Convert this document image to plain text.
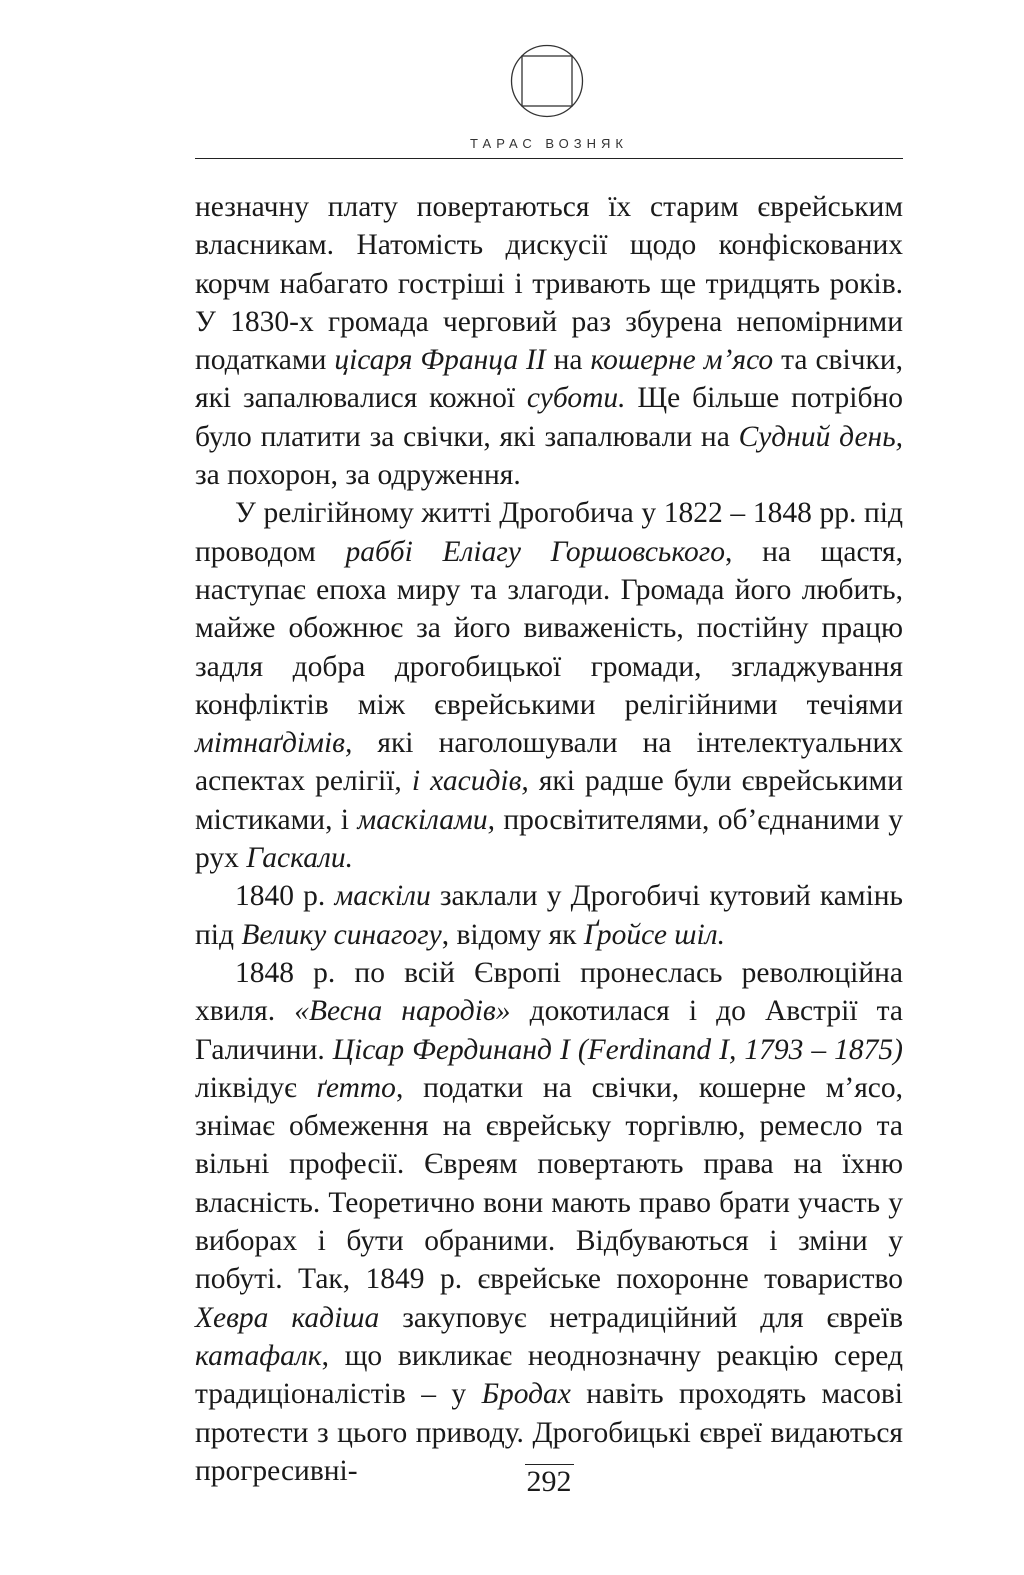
ТАРАС ВОЗНЯК

незначну плату повертаються їх старим єврейським власникам. Натомість дискусії щодо конфіскованих корчм набагато гостріші і тривають ще тридцять років. У 1830-х громада черговий раз збурена непомірними податками цісаря Франца ІІ на кошерне м’ясо та свічки, які запалювалися кожної суботи. Ще більше потрібно було платити за свічки, які запалювали на Судний день, за похорон, за одруження.

У релігійному житті Дрогобича у 1822 – 1848 рр. під проводом раббі Еліагу Горшовського, на щастя, наступає епоха миру та злагоди. Громада його любить, майже обожнює за його виваженість, постійну працю задля добра дрогобицької громади, згладжування конфліктів між єврейськими релігійними течіями мітнаґдімів, які наголошували на інтелектуальних аспектах релігії, і хасидів, які радше були єврейськими містиками, і маскілами, просвітителями, об’єднаними у рух Гаскали.

1840 р. маскіли заклали у Дрогобичі кутовий камінь під Велику синагогу, відому як Ґройсе шіл.

1848 р. по всій Європі пронеслась революційна хвиля. «Весна народів» докотилася і до Австрії та Галичини. Цісар Фердинанд І (Ferdinand I, 1793 – 1875) ліквідує ґетто, податки на свічки, кошерне м’ясо, знімає обмеження на єврейську торгівлю, ремесло та вільні професії. Євреям повертають права на їхню власність. Теоретично вони мають право брати участь у виборах і бути обраними. Відбуваються і зміни у побуті. Так, 1849 р. єврейське похоронне товариство Хевра кадіша закуповує нетрадиційний для євреїв катафалк, що викликає неоднозначну реакцію серед традиціоналістів – у Бродах навіть проходять масові протести з цього приводу. Дрогобицькі євреї видаються прогресивні-	292
